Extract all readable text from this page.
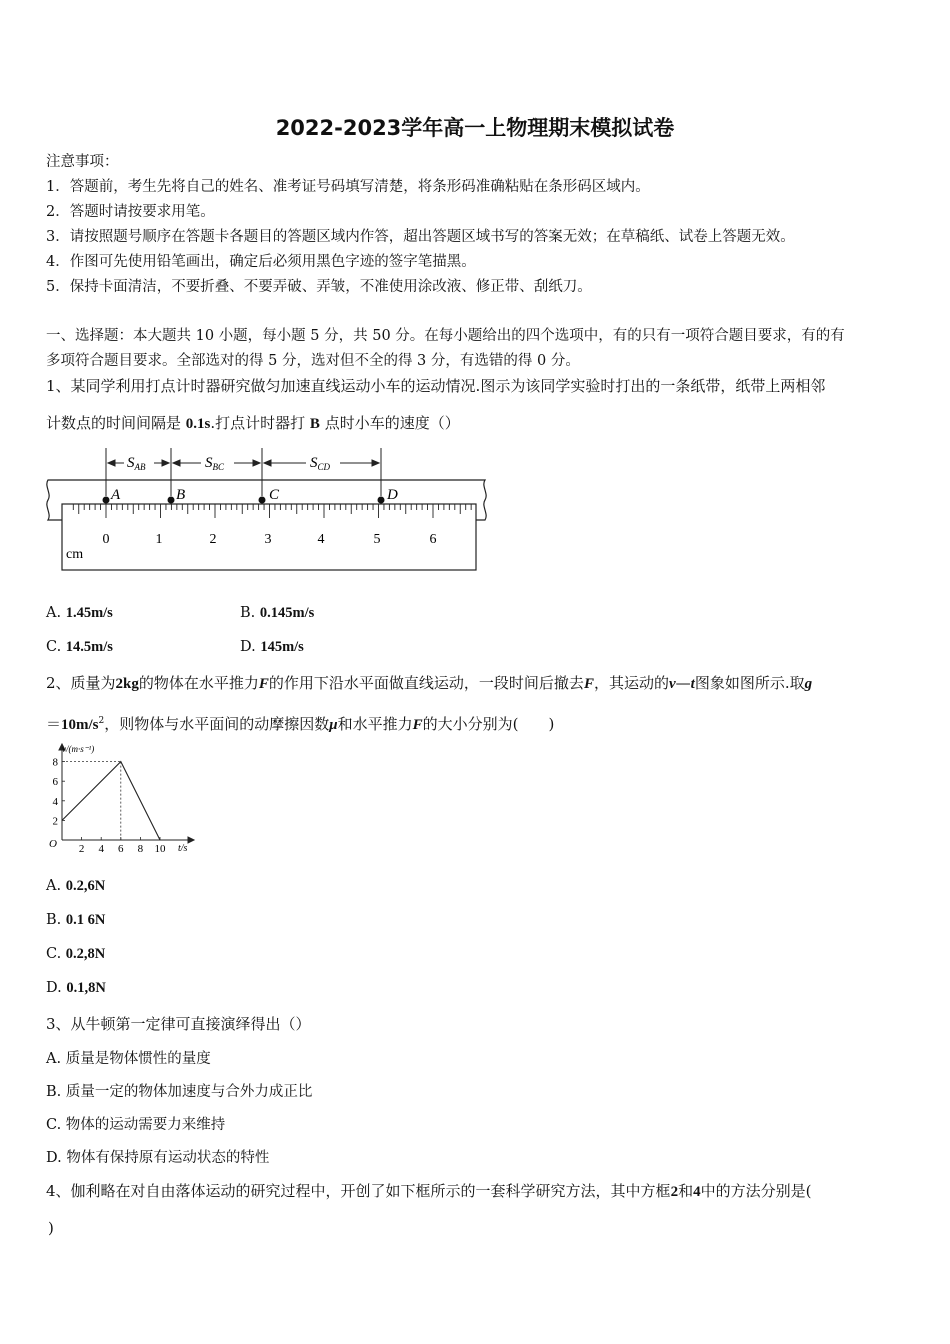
2022-2023学年高一上物理期末模拟试卷
注意事项：
1．答题前，考生先将自己的姓名、准考证号码填写清楚，将条形码准确粘贴在条形码区域内。
2．答题时请按要求用笔。
3．请按照题号顺序在答题卡各题目的答题区域内作答，超出答题区域书写的答案无效；在草稿纸、试卷上答题无效。
4．作图可先使用铅笔画出，确定后必须用黑色字迹的签字笔描黑。
5．保持卡面清洁，不要折叠、不要弄破、弄皱，不准使用涂改液、修正带、刮纸刀。
一、选择题：本大题共 10 小题，每小题 5 分，共 50 分。在每小题给出的四个选项中，有的只有一项符合题目要求，有的有
多项符合题目要求。全部选对的得 5 分，选对但不全的得 3 分，有选错的得 0 分。
1、某同学利用打点计时器研究做匀加速直线运动小车的运动情况.图示为该同学实验时打出的一条纸带，纸带上两相邻
计数点的时间间隔是 0.1s.打点计时器打 B 点时小车的速度（）
0	1	2	3	4	5	6
cm
A	B	C	D
$S_{AB}$	$S_{BC}$	$S_{CD}$
A. 1.45m/s	B. 0.145m/s
C. 14.5m/s	D. 145m/s
2、质量为2kg的物体在水平推力F的作用下沿水平面做直线运动，一段时间后撤去F，其运动的v—t图象如图所示.取g
$=10m/s^2$，则物体与水平面间的动摩擦因数μ和水平推力F的大小分别为(　　)
v/(m·s⁻¹)
t/s
O
2
4
6
8
2 4 6 8 10
A. 0.2,6N
B. 0.1 6N
C. 0.2,8N
D. 0.1,8N
3、从牛顿第一定律可直接演绎得出（）
A. 质量是物体惯性的量度
B. 质量一定的物体加速度与合外力成正比
C. 物体的运动需要力来维持
D. 物体有保持原有运动状态的特性
4、伽利略在对自由落体运动的研究过程中，开创了如下框所示的一套科学研究方法，其中方框2和4中的方法分别是(
)
